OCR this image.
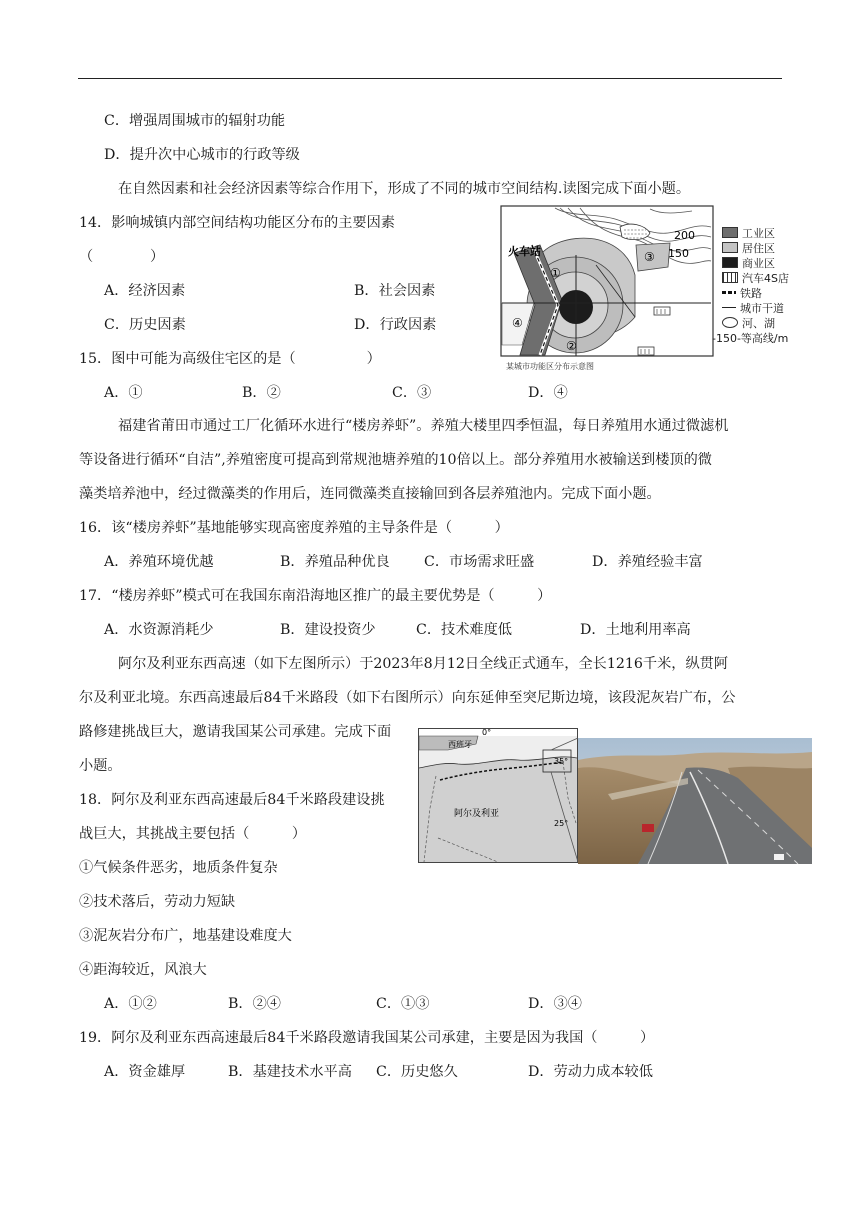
C．增强周围城市的辐射功能
D．提升次中心城市的行政等级
在自然因素和社会经济因素等综合作用下，形成了不同的城市空间结构.读图完成下面小题。
14．影响城镇内部空间结构功能区分布的主要因素
（　　　　）
A．经济因素	B．社会因素
C．历史因素	D．行政因素
15．图中可能为高级住宅区的是（　　　　　）
A．①	B．②	C．③	D．④
火车站
200
150
①
②
③
④
某城市功能区分布示意图
工业区
居住区
商业区
汽车4S店
铁路
城市干道
河、湖
-150-等高线/m
福建省莆田市通过工厂化循环水进行“楼房养虾”。养殖大楼里四季恒温，每日养殖用水通过微滤机
等设备进行循环“自洁”,养殖密度可提高到常规池塘养殖的10倍以上。部分养殖用水被输送到楼顶的微
藻类培养池中，经过微藻类的作用后，连同微藻类直接输回到各层养殖池内。完成下面小题。
16．该“楼房养虾”基地能够实现高密度养殖的主导条件是（　　　）
A．养殖环境优越	B．养殖品种优良 C．市场需求旺盛	D．养殖经验丰富
17．“楼房养虾”模式可在我国东南沿海地区推广的最主要优势是（　　　）
A．水资源消耗少	B．建设投资少	C．技术难度低	D．土地利用率高
阿尔及利亚东西高速（如下左图所示）于2023年8月12日全线正式通车，全长1216千米，纵贯阿
尔及利亚北境。东西高速最后84千米路段（如下右图所示）向东延伸至突尼斯边境，该段泥灰岩广布，公
路修建挑战巨大，邀请我国某公司承建。完成下面
小题。
西班牙
0°
阿尔及利亚
35°
25°
18．阿尔及利亚东西高速最后84千米路段建设挑
战巨大，其挑战主要包括（　　　）
①气候条件恶劣，地质条件复杂
②技术落后，劳动力短缺
③泥灰岩分布广，地基建设难度大
④距海较近，风浪大
A．①②	B．②④	C．①③	D．③④
19．阿尔及利亚东西高速最后84千米路段邀请我国某公司承建，主要是因为我国（　　　）
A．资金雄厚	B．基建技术水平高 C．历史悠久	D．劳动力成本较低
